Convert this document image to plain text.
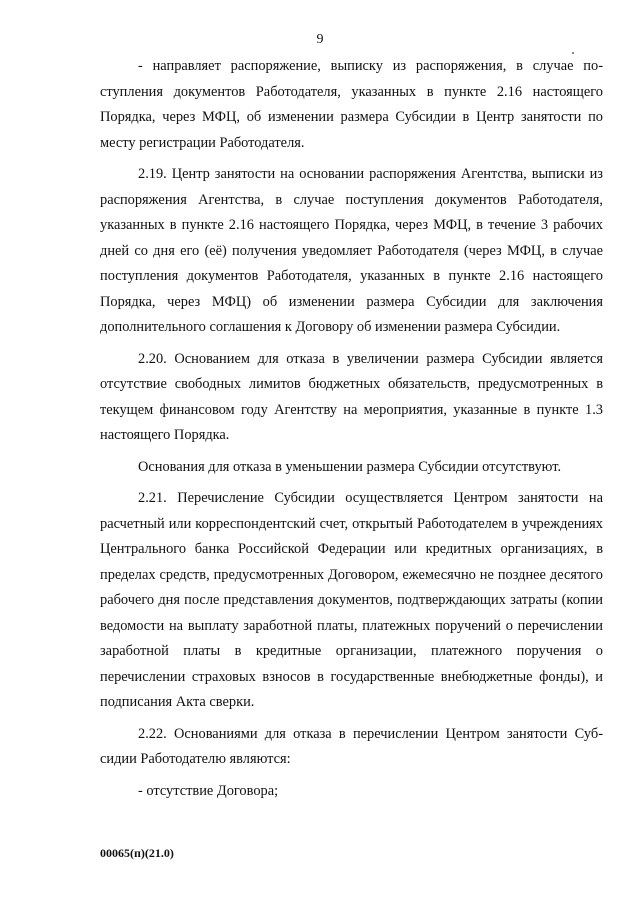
9

- направляет распоряжение, выписку из распоряжения, в случае поступления документов Работодателя, указанных в пункте 2.16 настоящего Порядка, через МФЦ, об изменении размера Субсидии в Центр занятости по месту регистрации Работодателя.

2.19. Центр занятости на основании распоряжения Агентства, выписки из распоряжения Агентства, в случае поступления документов Работодателя, указанных в пункте 2.16 настоящего Порядка, через МФЦ, в течение 3 рабочих дней со дня его (её) получения уведомляет Работодателя (через МФЦ, в случае поступления документов Работодателя, указанных в пункте 2.16 настоящего Порядка, через МФЦ) об изменении размера Субсидии для заключения дополнительного соглашения к Договору об изменении размера Субсидии.

2.20. Основанием для отказа в увеличении размера Субсидии является отсутствие свободных лимитов бюджетных обязательств, предусмотренных в текущем финансовом году Агентству на мероприятия, указанные в пункте 1.3 настоящего Порядка.

Основания для отказа в уменьшении размера Субсидии отсутствуют.

2.21. Перечисление Субсидии осуществляется Центром занятости на расчетный или корреспондентский счет, открытый Работодателем в учреждениях Центрального банка Российской Федерации или кредитных организациях, в пределах средств, предусмотренных Договором, ежемесячно не позднее десятого рабочего дня после представления документов, подтверждающих затраты (копии ведомости на выплату заработной платы, платежных поручений о перечислении заработной платы в кредитные организации, платежного поручения о перечислении страховых взносов в государственные внебюджетные фонды), и подписания Акта сверки.

2.22. Основаниями для отказа в перечислении Центром занятости Субсидии Работодателю являются:

- отсутствие Договора;

00065(п)(21.0)
